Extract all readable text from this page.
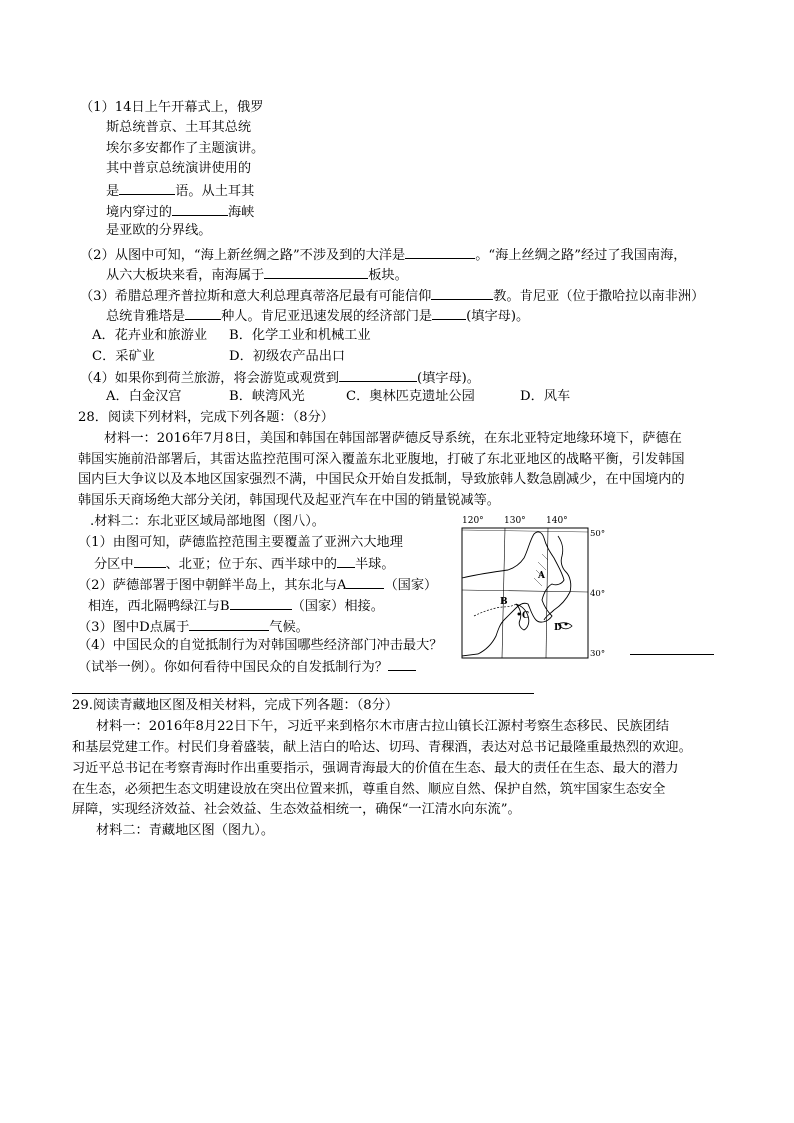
（1）14日上午开幕式上，俄罗
斯总统普京、土耳其总统
埃尔多安都作了主题演讲。
其中普京总统演讲使用的
是	语。从土耳其
境内穿过的	海峡
是亚欧的分界线。
（2）从图中可知，“海上新丝绸之路”不涉及到的大洋是	。“海上丝绸之路”经过了我国南海，
从六大板块来看，南海属于	板块。
（3）希腊总理齐普拉斯和意大利总理真蒂洛尼最有可能信仰	教。肯尼亚（位于撒哈拉以南非洲）
总统肯雅塔是	种人。肯尼亚迅速发展的经济部门是	(填字母)。
A．花卉业和旅游业 B．化学工业和机械工业
C．采矿业	D．初级农产品出口
（4）如果你到荷兰旅游，将会游览或观赏到	(填字母)。
A．白金汉宫	B．峡湾风光	C．奥林匹克遗址公园	D．风车
28．阅读下列材料，完成下列各题：（8分）
材料一：2016年7月8日，美国和韩国在韩国部署萨德反导系统，在东北亚特定地缘环境下，萨德在
韩国实施前沿部署后，其雷达监控范围可深入覆盖东北亚腹地，打破了东北亚地区的战略平衡，引发韩国
国内巨大争议以及本地区国家强烈不满，中国民众开始自发抵制，导致旅韩人数急剧减少，在中国境内的
韩国乐天商场绝大部分关闭，韩国现代及起亚汽车在中国的销量锐减等。
.材料二：东北亚区域局部地图（图八）。
（1）由图可知，萨德监控范围主要覆盖了亚洲六大地理
分区中 、北亚；位于东、西半球中的 半球。
（2）萨德部署于图中朝鲜半岛上，其东北与A	（国家）
相连，西北隔鸭绿江与B	（国家）相接。
（3）图中D点属于	气候。
（4）中国民众的自觉抵制行为对韩国哪些经济部门冲击最大？
（试举一例）。你如何看待中国民众的自发抵制行为？
120° 130° 140°
50°
40°
30°
A
B
C
D
29.阅读青藏地区图及相关材料，完成下列各题：（8分）
材料一：2016年8月22日下午，习近平来到格尔木市唐古拉山镇长江源村考察生态移民、民族团结
和基层党建工作。村民们身着盛装，献上洁白的哈达、切玛、青稞酒，表达对总书记最隆重最热烈的欢迎。
习近平总书记在考察青海时作出重要指示，强调青海最大的价值在生态、最大的责任在生态、最大的潜力
在生态，必须把生态文明建设放在突出位置来抓，尊重自然、顺应自然、保护自然，筑牢国家生态安全
屏障，实现经济效益、社会效益、生态效益相统一，确保“一江清水向东流”。
材料二：青藏地区图（图九）。
